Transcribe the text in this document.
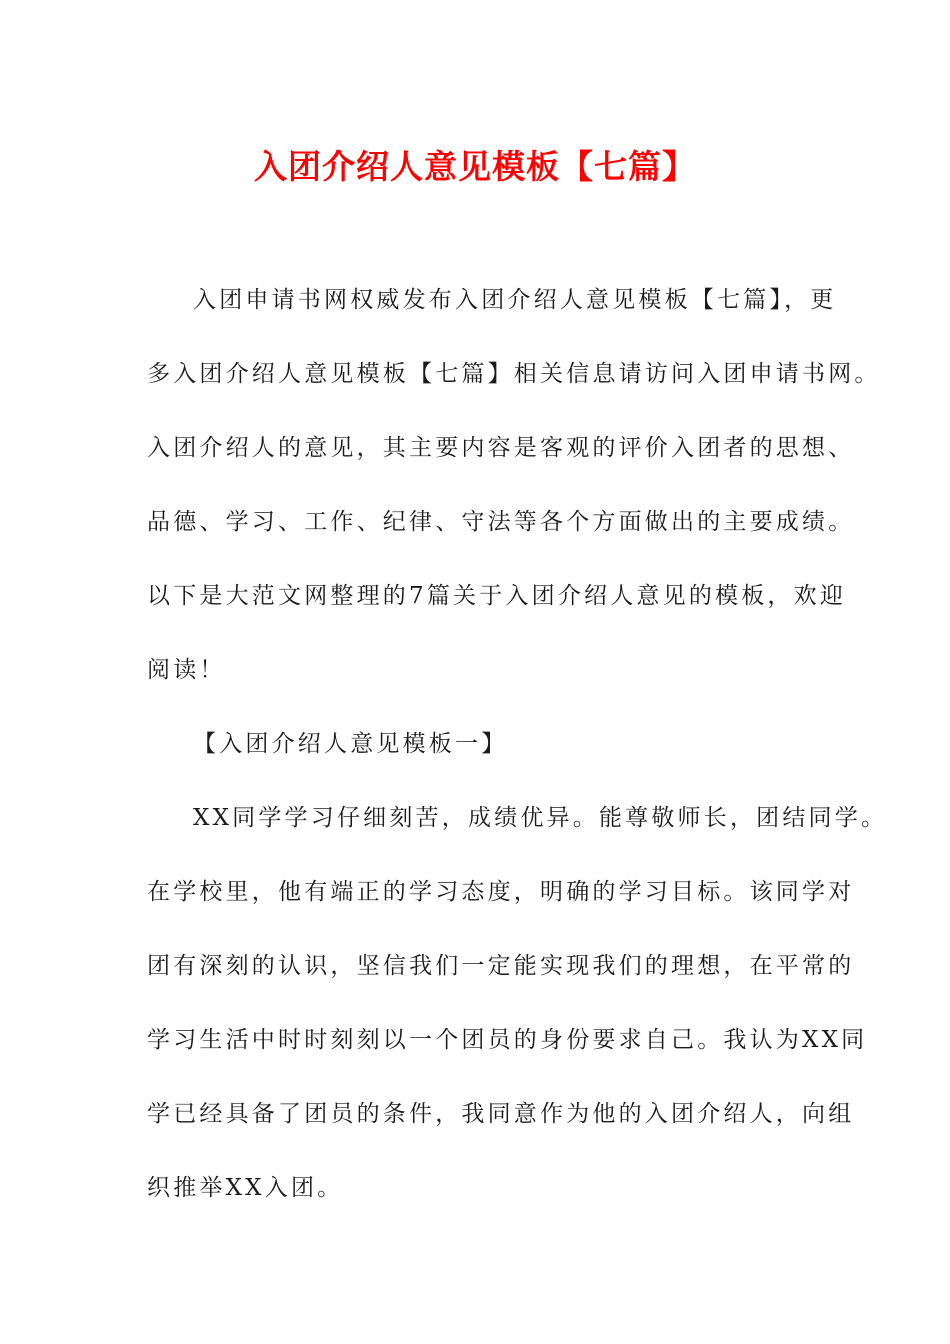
入团介绍人意见模板【七篇】
入团申请书网权威发布入团介绍人意见模板【七篇】，更
多入团介绍人意见模板【七篇】相关信息请访问入团申请书网。
入团介绍人的意见，其主要内容是客观的评价入团者的思想、
品德、学习、工作、纪律、守法等各个方面做出的主要成绩。
以下是大范文网整理的7篇关于入团介绍人意见的模板，欢迎
阅读！
【入团介绍人意见模板一】
XX同学学习仔细刻苦，成绩优异。能尊敬师长，团结同学。
在学校里，他有端正的学习态度，明确的学习目标。该同学对
团有深刻的认识，坚信我们一定能实现我们的理想，在平常的
学习生活中时时刻刻以一个团员的身份要求自己。我认为XX同
学已经具备了团员的条件，我同意作为他的入团介绍人，向组
织推举XX入团。
